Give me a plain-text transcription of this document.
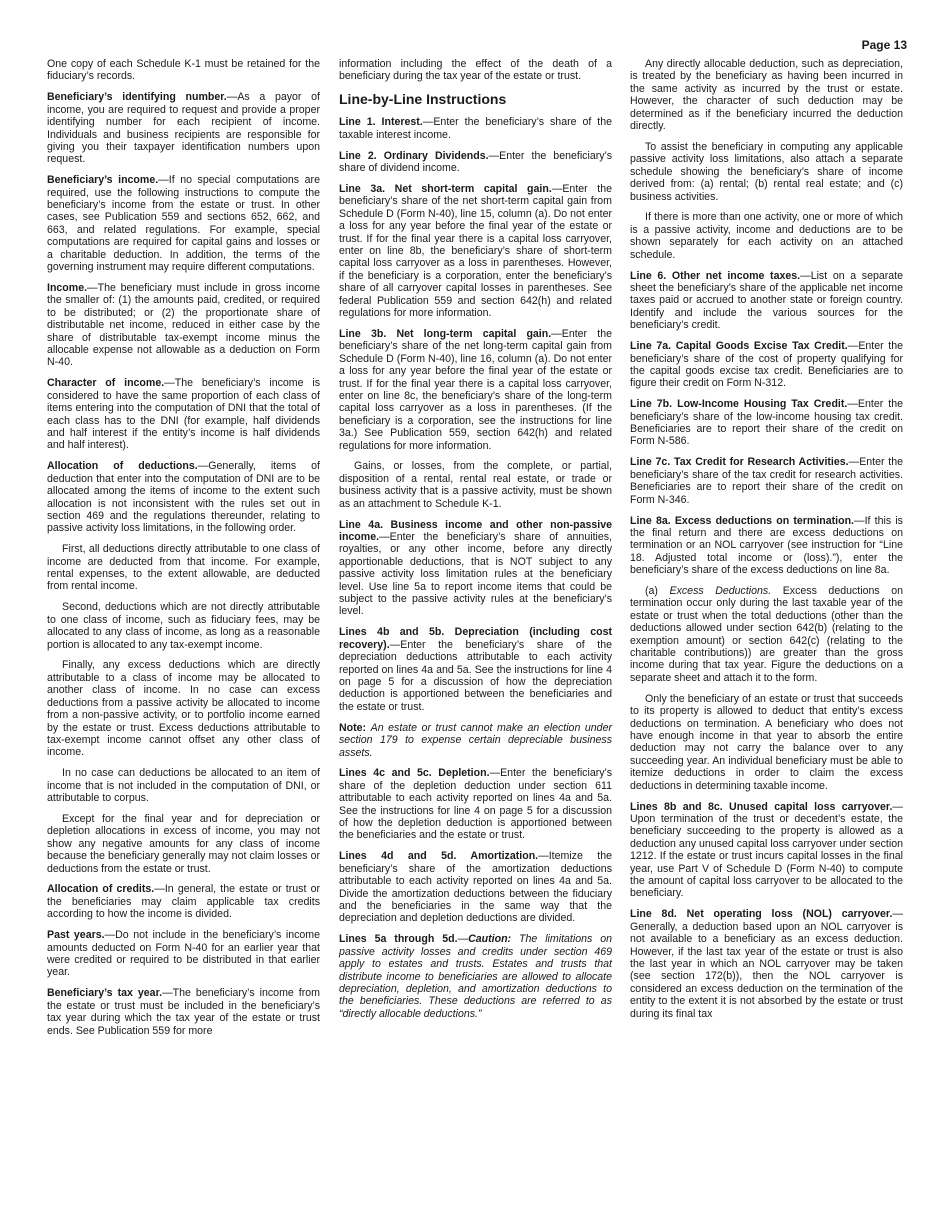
Page 13

One copy of each Schedule K-1 must be retained for the fiduciary’s records.

Beneficiary’s identifying number.—As a payor of income, you are required to request and provide a proper identifying number for each recipient of income. Individuals and business recipients are responsible for giving you their taxpayer identification numbers upon request.

Beneficiary’s income.—If no special computations are required, use the following instructions to compute the beneficiary’s income from the estate or trust. In other cases, see Publication 559 and sections 652, 662, and 663, and related regulations. For example, special computations are required for capital gains and losses or a charitable deduction. In addition, the terms of the governing instrument may require different computations.

Income.—The beneficiary must include in gross income the smaller of: (1) the amounts paid, credited, or required to be distributed; or (2) the proportionate share of distributable net income, reduced in either case by the share of distributable tax-exempt income minus the allocable expense not allowable as a deduction on Form N-40.

Character of income.—The beneficiary’s income is considered to have the same proportion of each class of items entering into the computation of DNI that the total of each class has to the DNI (for example, half dividends and half interest if the entity’s income is half dividends and half interest).

Allocation of deductions.—Generally, items of deduction that enter into the computation of DNI are to be allocated among the items of income to the extent such allocation is not inconsistent with the rules set out in section 469 and the regulations thereunder, relating to passive activity loss limitations, in the following order.

First, all deductions directly attributable to one class of income are deducted from that income. For example, rental expenses, to the extent allowable, are deducted from rental income.

Second, deductions which are not directly attributable to one class of income, such as fiduciary fees, may be allocated to any class of income, as long as a reasonable portion is allocated to any tax-exempt income.

Finally, any excess deductions which are directly attributable to a class of income may be allocated to another class of income. In no case can excess deductions from a passive activity be allocated to income from a non-passive activity, or to portfolio income earned by the estate or trust. Excess deductions attributable to tax-exempt income cannot offset any other class of income.

In no case can deductions be allocated to an item of income that is not included in the computation of DNI, or attributable to corpus.

Except for the final year and for depreciation or depletion allocations in excess of income, you may not show any negative amounts for any class of income because the beneficiary generally may not claim losses or deductions from the estate or trust.

Allocation of credits.—In general, the estate or trust or the beneficiaries may claim applicable tax credits according to how the income is divided.

Past years.—Do not include in the beneficiary’s income amounts deducted on Form N-40 for an earlier year that were credited or required to be distributed in that earlier year.

Beneficiary’s tax year.—The beneficiary’s income from the estate or trust must be included in the beneficiary’s tax year during which the tax year of the estate or trust ends. See Publication 559 for more

information including the effect of the death of a beneficiary during the tax year of the estate or trust.

Line-by-Line Instructions

Line 1. Interest.—Enter the beneficiary’s share of the taxable interest income.

Line 2. Ordinary Dividends.—Enter the beneficiary’s share of dividend income.

Line 3a. Net short-term capital gain.—Enter the beneficiary’s share of the net short-term capital gain from Schedule D (Form N-40), line 15, column (a). Do not enter a loss for any year before the final year of the estate or trust. If for the final year there is a capital loss carryover, enter on line 8b, the beneficiary’s share of short-term capital loss carryover as a loss in parentheses. However, if the beneficiary is a corporation, enter the beneficiary’s share of all carryover capital losses in parentheses. See federal Publication 559 and section 642(h) and related regulations for more information.

Line 3b. Net long-term capital gain.—Enter the beneficiary’s share of the net long-term capital gain from Schedule D (Form N-40), line 16, column (a). Do not enter a loss for any year before the final year of the estate or trust. If for the final year there is a capital loss carryover, enter on line 8c, the beneficiary’s share of the long-term capital loss carryover as a loss in parentheses. (If the beneficiary is a corporation, see the instructions for line 3a.) See Publication 559, section 642(h) and related regulations for more information.

Gains, or losses, from the complete, or partial, disposition of a rental, rental real estate, or trade or business activity that is a passive activity, must be shown as an attachment to Schedule K-1.

Line 4a. Business income and other non-passive income.—Enter the beneficiary’s share of annuities, royalties, or any other income, before any directly apportionable deductions, that is NOT subject to any passive activity loss limitation rules at the beneficiary level. Use line 5a to report income items that could be subject to the passive activity rules at the beneficiary’s level.

Lines 4b and 5b. Depreciation (including cost recovery).—Enter the beneficiary’s share of the depreciation deductions attributable to each activity reported on lines 4a and 5a. See the instructions for line 4 on page 5 for a discussion of how the depreciation deduction is apportioned between the beneficiaries and the estate or trust.

Note: An estate or trust cannot make an election under section 179 to expense certain depreciable business assets.

Lines 4c and 5c. Depletion.—Enter the beneficiary’s share of the depletion deduction under section 611 attributable to each activity reported on lines 4a and 5a. See the instructions for line 4 on page 5 for a discussion of how the depletion deduction is apportioned between the beneficiaries and the estate or trust.

Lines 4d and 5d. Amortization.—Itemize the beneficiary’s share of the amortization deductions attributable to each activity reported on lines 4a and 5a. Divide the amortization deductions between the fiduciary and the beneficiaries in the same way that the depreciation and depletion deductions are divided.

Lines 5a through 5d.—Caution: The limitations on passive activity losses and credits under section 469 apply to estates and trusts. Estates and trusts that distribute income to beneficiaries are allowed to allocate depreciation, depletion, and amortization deductions to the beneficiaries. These deductions are referred to as “directly allocable deductions.”

Any directly allocable deduction, such as depreciation, is treated by the beneficiary as having been incurred in the same activity as incurred by the trust or estate. However, the character of such deduction may be determined as if the beneficiary incurred the deduction directly.

To assist the beneficiary in computing any applicable passive activity loss limitations, also attach a separate schedule showing the beneficiary’s share of income derived from: (a) rental; (b) rental real estate; and (c) business activities.

If there is more than one activity, one or more of which is a passive activity, income and deductions are to be shown separately for each activity on an attached schedule.

Line 6. Other net income taxes.—List on a separate sheet the beneficiary’s share of the applicable net income taxes paid or accrued to another state or foreign country. Identify and include the various sources for the beneficiary’s credit.

Line 7a. Capital Goods Excise Tax Credit.—Enter the beneficiary’s share of the cost of property qualifying for the capital goods excise tax credit. Beneficiaries are to figure their credit on Form N-312.

Line 7b. Low-Income Housing Tax Credit.—Enter the beneficiary’s share of the low-income housing tax credit. Beneficiaries are to report their share of the credit on Form N-586.

Line 7c. Tax Credit for Research Activities.—Enter the beneficiary’s share of the tax credit for research activities. Beneficiaries are to report their share of the credit on Form N-346.

Line 8a. Excess deductions on termination.—If this is the final return and there are excess deductions on termination or an NOL carryover (see instruction for “Line 18. Adjusted total income or (loss).”), enter the beneficiary’s share of the excess deductions on line 8a.

(a) Excess Deductions. Excess deductions on termination occur only during the last taxable year of the estate or trust when the total deductions (other than the deductions allowed under section 642(b) (relating to the exemption amount) or section 642(c) (relating to the charitable contributions)) are greater than the gross income during that tax year. Figure the deductions on a separate sheet and attach it to the form.

Only the beneficiary of an estate or trust that succeeds to its property is allowed to deduct that entity’s excess deductions on termination. A beneficiary who does not have enough income in that year to absorb the entire deduction may not carry the balance over to any succeeding year. An individual beneficiary must be able to itemize deductions in order to claim the excess deductions in determining taxable income.

Lines 8b and 8c. Unused capital loss carryover.—Upon termination of the trust or decedent’s estate, the beneficiary succeeding to the property is allowed as a deduction any unused capital loss carryover under section 1212. If the estate or trust incurs capital losses in the final year, use Part V of Schedule D (Form N-40) to compute the amount of capital loss carryover to be allocated to the beneficiary.

Line 8d. Net operating loss (NOL) carryover.—Generally, a deduction based upon an NOL carryover is not available to a beneficiary as an excess deduction. However, if the last tax year of the estate or trust is also the last year in which an NOL carryover may be taken (see section 172(b)), then the NOL carryover is considered an excess deduction on the termination of the entity to the extent it is not absorbed by the estate or trust during its final tax
